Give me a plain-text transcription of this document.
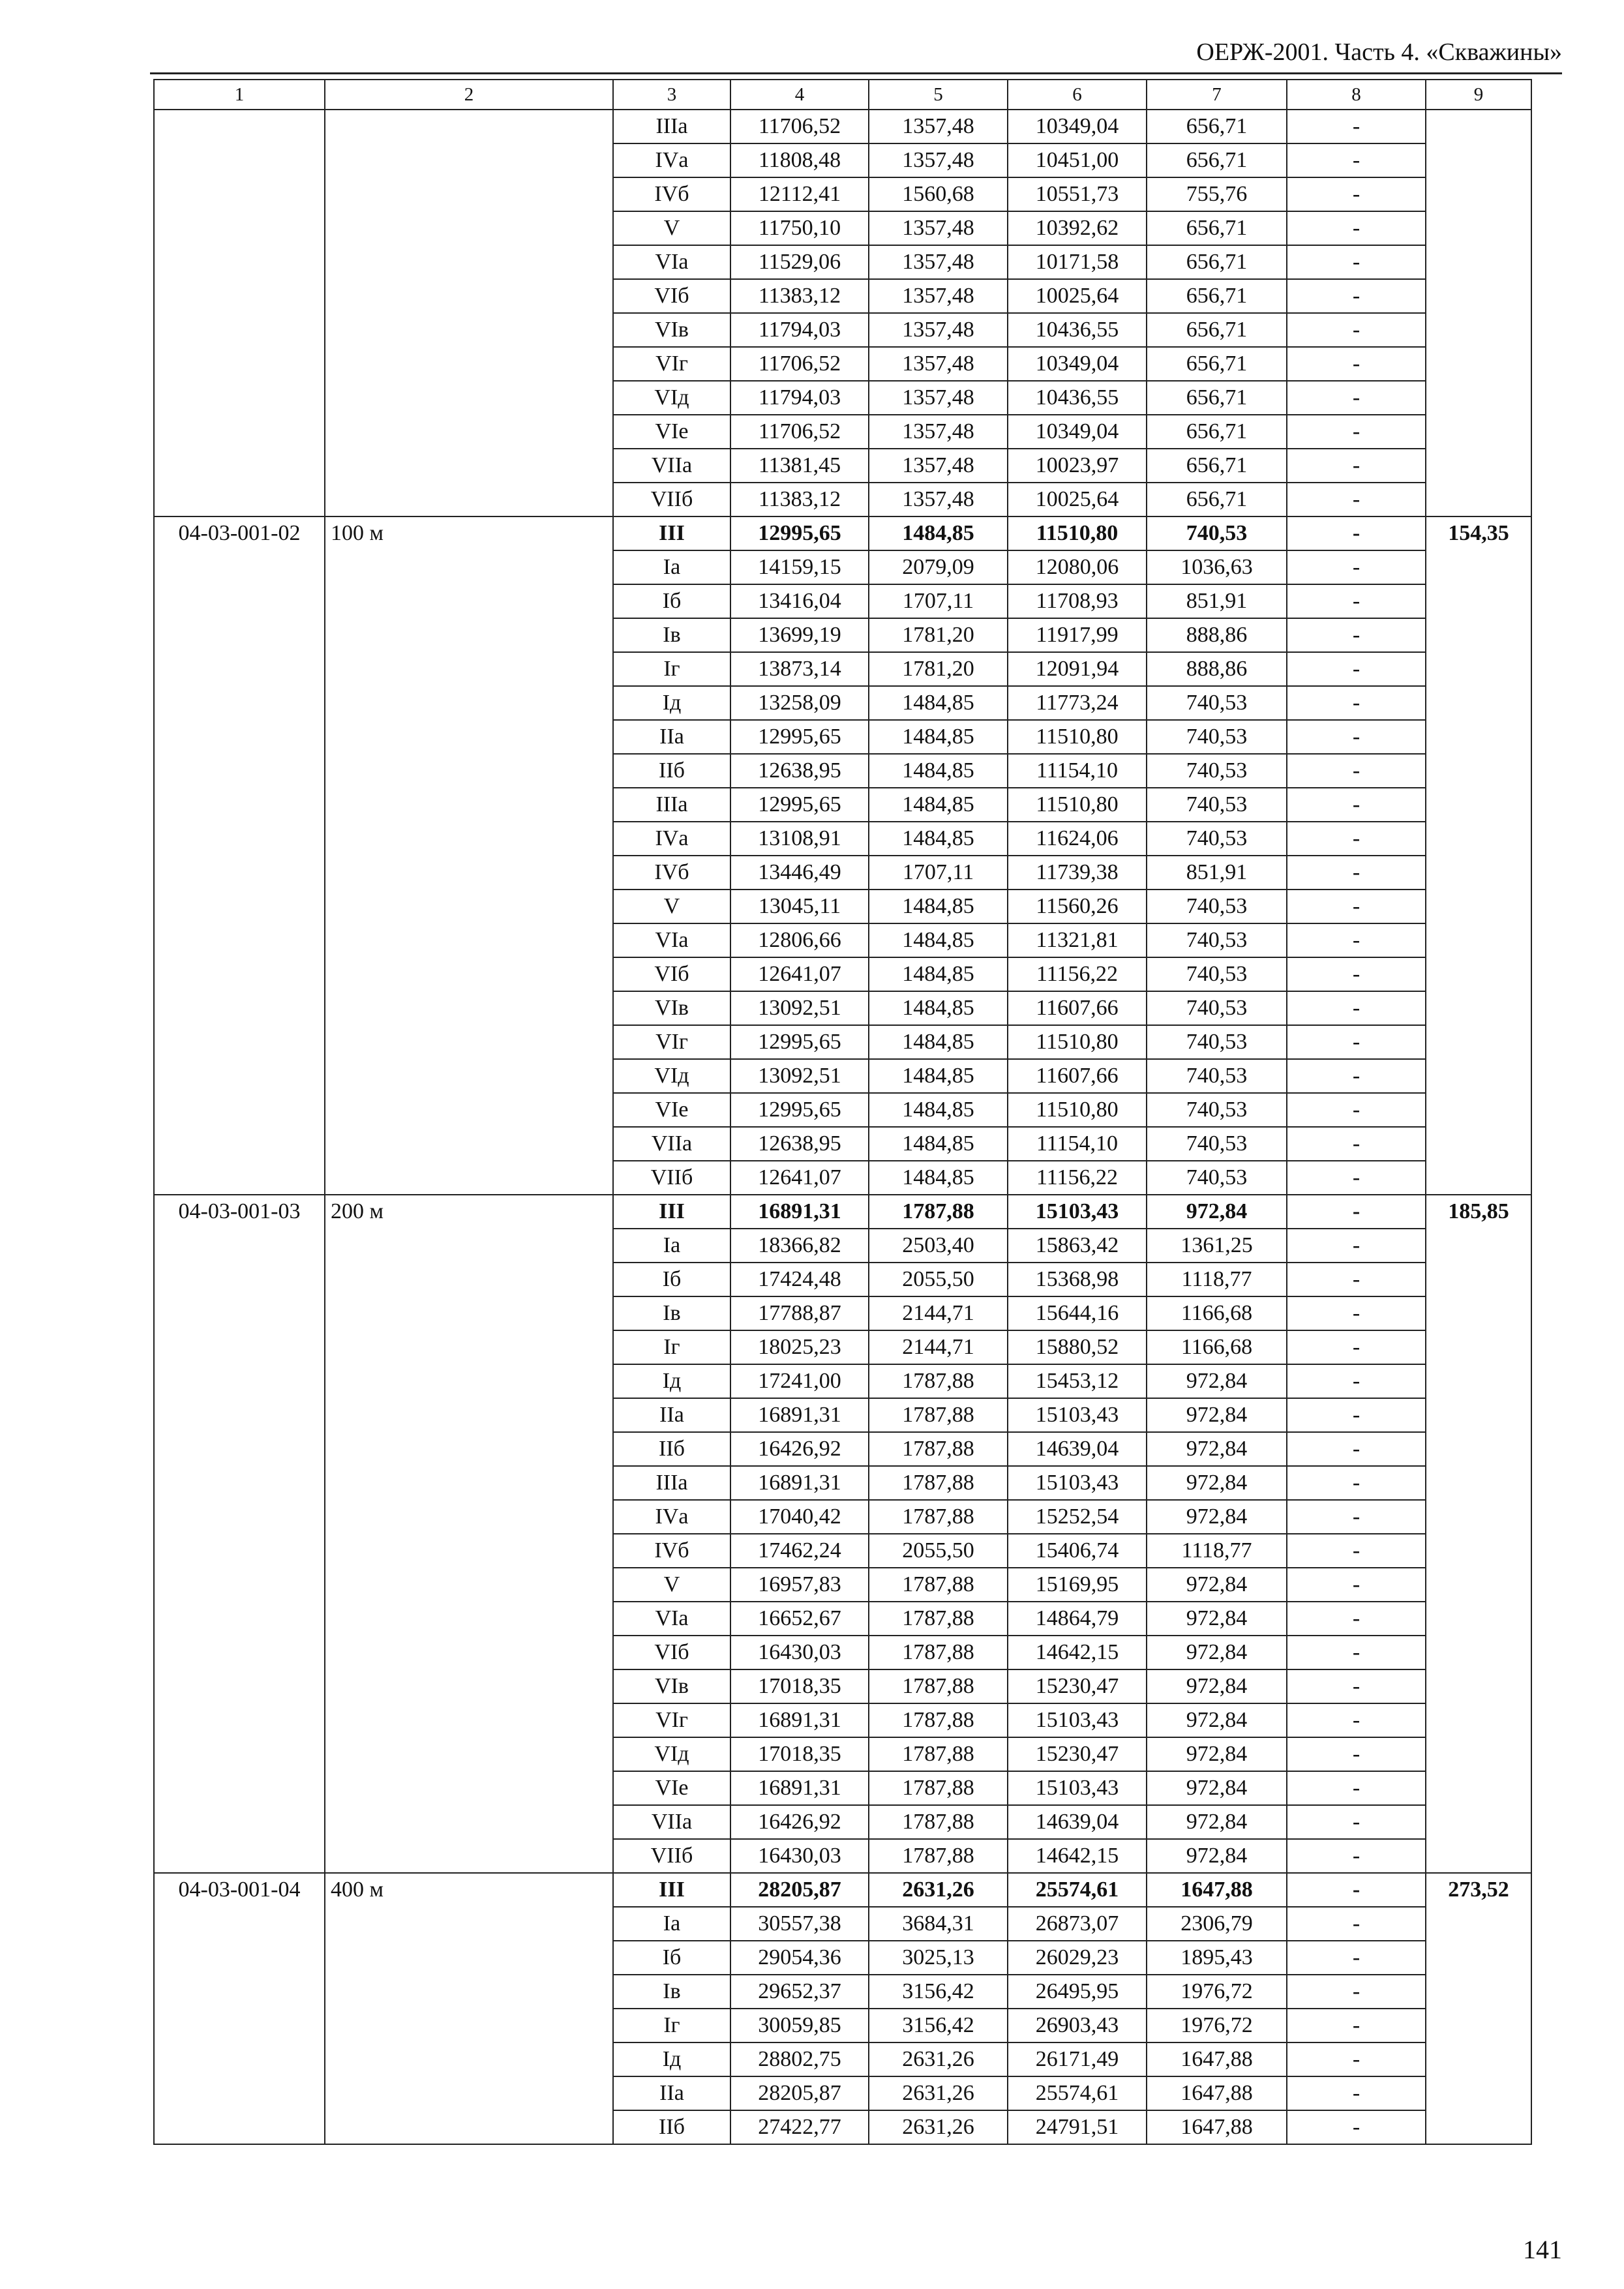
ОЕРЖ-2001. Часть 4. «Скважины»
1	2	3	4	5	6	7	8	9
		IIIа	11706,52	1357,48	10349,04	656,71	-	
		IVа	11808,48	1357,48	10451,00	656,71	-	
		IVб	12112,41	1560,68	10551,73	755,76	-	
		V	11750,10	1357,48	10392,62	656,71	-	
		VIа	11529,06	1357,48	10171,58	656,71	-	
		VIб	11383,12	1357,48	10025,64	656,71	-	
		VIв	11794,03	1357,48	10436,55	656,71	-	
		VIг	11706,52	1357,48	10349,04	656,71	-	
		VIд	11794,03	1357,48	10436,55	656,71	-	
		VIе	11706,52	1357,48	10349,04	656,71	-	
		VIIа	11381,45	1357,48	10023,97	656,71	-	
		VIIб	11383,12	1357,48	10025,64	656,71	-	
04-03-001-02	100 м	III	12995,65	1484,85	11510,80	740,53	-	154,35
		Iа	14159,15	2079,09	12080,06	1036,63	-	
		Iб	13416,04	1707,11	11708,93	851,91	-	
		Iв	13699,19	1781,20	11917,99	888,86	-	
		Iг	13873,14	1781,20	12091,94	888,86	-	
		Iд	13258,09	1484,85	11773,24	740,53	-	
		IIа	12995,65	1484,85	11510,80	740,53	-	
		IIб	12638,95	1484,85	11154,10	740,53	-	
		IIIа	12995,65	1484,85	11510,80	740,53	-	
		IVа	13108,91	1484,85	11624,06	740,53	-	
		IVб	13446,49	1707,11	11739,38	851,91	-	
		V	13045,11	1484,85	11560,26	740,53	-	
		VIа	12806,66	1484,85	11321,81	740,53	-	
		VIб	12641,07	1484,85	11156,22	740,53	-	
		VIв	13092,51	1484,85	11607,66	740,53	-	
		VIг	12995,65	1484,85	11510,80	740,53	-	
		VIд	13092,51	1484,85	11607,66	740,53	-	
		VIе	12995,65	1484,85	11510,80	740,53	-	
		VIIа	12638,95	1484,85	11154,10	740,53	-	
		VIIб	12641,07	1484,85	11156,22	740,53	-	
04-03-001-03	200 м	III	16891,31	1787,88	15103,43	972,84	-	185,85
		Iа	18366,82	2503,40	15863,42	1361,25	-	
		Iб	17424,48	2055,50	15368,98	1118,77	-	
		Iв	17788,87	2144,71	15644,16	1166,68	-	
		Iг	18025,23	2144,71	15880,52	1166,68	-	
		Iд	17241,00	1787,88	15453,12	972,84	-	
		IIа	16891,31	1787,88	15103,43	972,84	-	
		IIб	16426,92	1787,88	14639,04	972,84	-	
		IIIа	16891,31	1787,88	15103,43	972,84	-	
		IVа	17040,42	1787,88	15252,54	972,84	-	
		IVб	17462,24	2055,50	15406,74	1118,77	-	
		V	16957,83	1787,88	15169,95	972,84	-	
		VIа	16652,67	1787,88	14864,79	972,84	-	
		VIб	16430,03	1787,88	14642,15	972,84	-	
		VIв	17018,35	1787,88	15230,47	972,84	-	
		VIг	16891,31	1787,88	15103,43	972,84	-	
		VIд	17018,35	1787,88	15230,47	972,84	-	
		VIе	16891,31	1787,88	15103,43	972,84	-	
		VIIа	16426,92	1787,88	14639,04	972,84	-	
		VIIб	16430,03	1787,88	14642,15	972,84	-	
04-03-001-04	400 м	III	28205,87	2631,26	25574,61	1647,88	-	273,52
		Iа	30557,38	3684,31	26873,07	2306,79	-	
		Iб	29054,36	3025,13	26029,23	1895,43	-	
		Iв	29652,37	3156,42	26495,95	1976,72	-	
		Iг	30059,85	3156,42	26903,43	1976,72	-	
		Iд	28802,75	2631,26	26171,49	1647,88	-	
		IIа	28205,87	2631,26	25574,61	1647,88	-	
		IIб	27422,77	2631,26	24791,51	1647,88	-	
141
